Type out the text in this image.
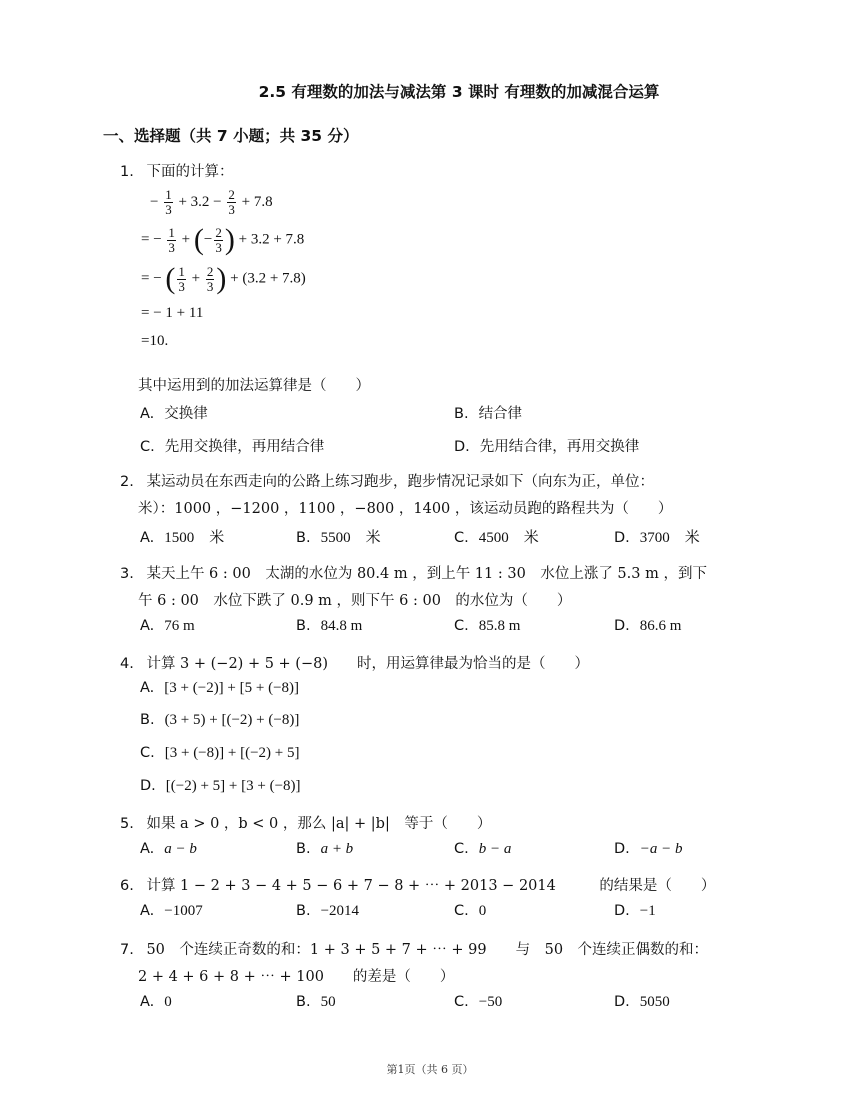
2.5 有理数的加法与减法第 3 课时 有理数的加减混合运算
一、选择题（共 7 小题；共 35 分）
1. 下面的计算：
− $\frac{1}{3} + 3.2 - \frac{2}{3} + 7.8$
= − $\frac{1}{3}$ + (− $\frac{2}{3}$ ) + 3.2 + 7.8
= − ( $\frac{1}{3} + \frac{2}{3}$ ) + (3.2 + 7.8)
= − 1 + 11
=10.
其中运用到的加法运算律是（　　）
A. 交换律	B. 结合律
C. 先用交换律，再用结合律	D. 先用结合律，再用交换律
2. 某运动员在东西走向的公路上练习跑步，跑步情况记录如下（向东为正，单位：
米）：1000 ，−1200 ，1100 ，−800 ，1400 ，该运动员跑的路程共为（　　）
A. 1500　米	B. 5500　米	C. 4500　米	D. 3700　米
3. 某天上午 6 : 00　太湖的水位为 80.4 m ，到上午 11 : 30　水位上涨了 5.3 m ，到下
午 6 : 00　水位下跌了 0.9 m ，则下午 6 : 00　的水位为（　　）
A. 76 m	B. 84.8 m	C. 85.8 m	D. 86.6 m
4. 计算 3 + (−2) + 5 + (−8)　　时，用运算律最为恰当的是（　　）
A. [3 + (−2)] + [5 + (−8)]
B. (3 + 5) + [(−2) + (−8)]
C. [3 + (−8)] + [(−2) + 5]
D. [(−2) + 5] + [3 + (−8)]
5. 如果 a > 0 ，b < 0 ，那么 |a| + |b|　等于（　　）
A. a − b	B. a + b	C. b − a	D. −a − b
6. 计算 1 − 2 + 3 − 4 + 5 − 6 + 7 − 8 + ⋯ + 2013 − 2014　　　的结果是（　　）
A. −1007	B. −2014	C. 0	D. −1
7. 50　个连续正奇数的和：1 + 3 + 5 + 7 + ⋯ + 99　　与　50　个连续正偶数的和：
2 + 4 + 6 + 8 + ⋯ + 100　　的差是（　　）
A. 0	B. 50	C. −50	D. 5050
第1页（共 6 页）
